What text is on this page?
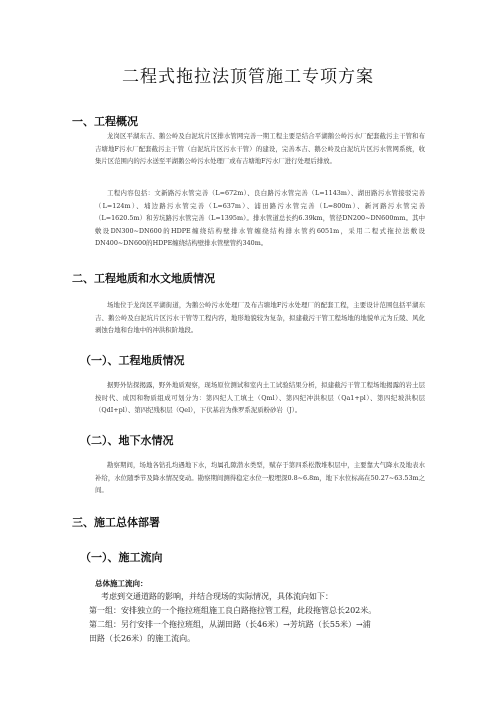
二程式拖拉法顶管施工专项方案
一、工程概况
龙岗区平湖东吉、鹅公岭及白泥坑片区排水管网完善一期工程主要是结合平湖鹅公岭污水厂配套截污主干管和布吉塘地F污水厂配套截污主干管（白泥坑片区污水干管）的建设，完善本吉、鹅公岭及白泥坑片区污水管网系统，收集片区范围内的污水送至平湖鹅公岭污水处理厂或布吉塘地F污水厂进行处理后排放。
工程内容包括：文新路污水管完善（L=672m）、良白路污水管完善（L=1143m）、湖田路污水管接驳完善（L=124m）、埔边路污水管完善（L=637m）、浦田路污水管完善（L=800m）、新河路污水管完善（L=1620.5m）和芳坑路污水管完善（L=1395m）。排水管道总长约6.39km，管径DN200~DN600mm。其中敷设DN300~DN600的HDPE缠绕结构壁排水管缠绕结构排水管约6051m，采用二程式拖拉法敷设DN400~DN600的HDPE缠绕结构壁排水管壁管约340m。
二、工程地质和水文地质情况
场地位于龙岗区平湖街道，为鹅公岭污水处理厂及布吉塘地F污水处理厂的配套工程，主要设计范围包括平湖东吉、鹅公岭及白泥坑片区污水干管等工程内容，地形地貌较为复杂，拟建截污干管工程场地的地貌单元为丘陵、风化剥蚀台地和台地中的冲洪积阶地段。
（一）、工程地质情况
据野外钻探揭露，野外地质观察，现场原位测试和室内土工试验结果分析，拟建截污干管工程场地揭露的岩土层按时代、成因和物质组成可划分为：第四纪人工填土（Qml）、第四纪冲洪积层（Qa1+pl）、第四纪坡洪积层（QdI+pl）、第四纪残积层（Qel），下伏基岩为侏罗系泥质粉砂岩（J）。
（二）、地下水情况
勘察期间，场地各钻孔均遇地下水，均属孔隙潜水类型，赋存于第四系松散堆积层中，主要靠大气降水及地表水补给，水位随季节及降水情况变动。勘察期间测得稳定水位一般埋深0.8~6.8m，地下水位标高在50.27~63.53m之间。
三、施工总体部署
（一）、施工流向
总体施工流向：
考虑到交通道路的影响，并结合现场的实际情况，具体流向如下：
第一组：安排独立的一个拖拉班组施工良白路拖拉管工程，此段拖管总长202米。
第二组：另行安排一个拖拉班组，从湖田路（长46米）→芳坑路（长55米）→浦
田路（长26米）的施工流向。
